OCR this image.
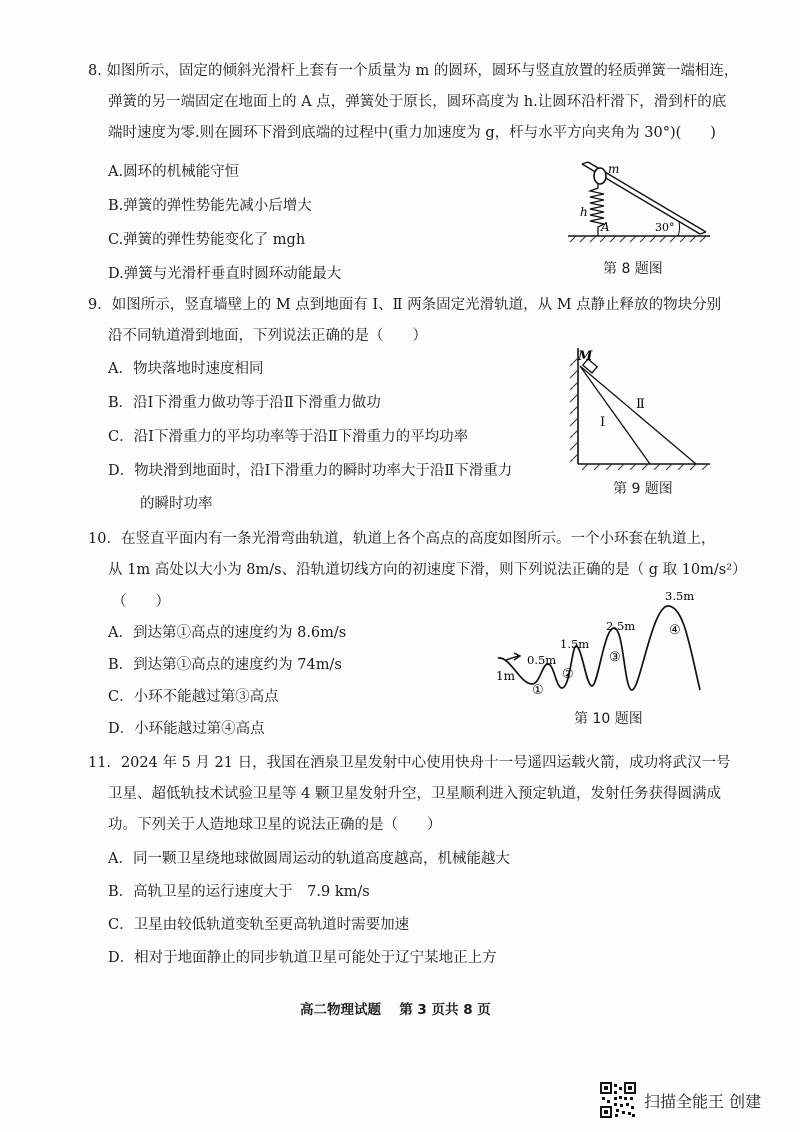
8. 如图所示，固定的倾斜光滑杆上套有一个质量为 m 的圆环，圆环与竖直放置的轻质弹簧一端相连，
弹簧的另一端固定在地面上的 A 点，弹簧处于原长，圆环高度为 h.让圆环沿杆滑下，滑到杆的底
端时速度为零.则在圆环下滑到底端的过程中(重力加速度为 g，杆与水平方向夹角为 30°)(　　)
A.圆环的机械能守恒
B.弹簧的弹性势能先减小后增大
C.弹簧的弹性势能变化了 mgh
D.弹簧与光滑杆垂直时圆环动能最大
m
h
A	30°
第 8 题图
9．如图所示，竖直墙壁上的 M 点到地面有 Ⅰ、Ⅱ 两条固定光滑轨道，从 M 点静止释放的物块分别
沿不同轨道滑到地面，下列说法正确的是（　　）
A．物块落地时速度相同
B．沿Ⅰ下滑重力做功等于沿Ⅱ下滑重力做功
C．沿Ⅰ下滑重力的平均功率等于沿Ⅱ下滑重力的平均功率
D．物块滑到地面时，沿Ⅰ下滑重力的瞬时功率大于沿Ⅱ下滑重力
的瞬时功率
M
Ⅰ
Ⅱ
第 9 题图
10．在竖直平面内有一条光滑弯曲轨道，轨道上各个高点的高度如图所示。一个小环套在轨道上，
从 1m 高处以大小为 8m/s、沿轨道切线方向的初速度下滑，则下列说法正确的是（ g 取 10m/s²）
（　　）
A．到达第①高点的速度约为 8.6m/s
B．到达第①高点的速度约为 74m/s
C．小环不能越过第③高点
D．小环能越过第④高点
1m
0.5m
1.5m
2.5m
3.5m
①
②
③
④
第 10 题图
11．2024 年 5 月 21 日，我国在酒泉卫星发射中心使用快舟十一号遥四运载火箭，成功将武汉一号
卫星、超低轨技术试验卫星等 4 颗卫星发射升空，卫星顺利进入预定轨道，发射任务获得圆满成
功。下列关于人造地球卫星的说法正确的是（　　）
A．同一颗卫星绕地球做圆周运动的轨道高度越高，机械能越大
B．高轨卫星的运行速度大于　7.9 km/s
C．卫星由较低轨道变轨至更高轨道时需要加速
D．相对于地面静止的同步轨道卫星可能处于辽宁某地正上方
高二物理试题　 第 3 页共 8 页
扫描全能王 创建
